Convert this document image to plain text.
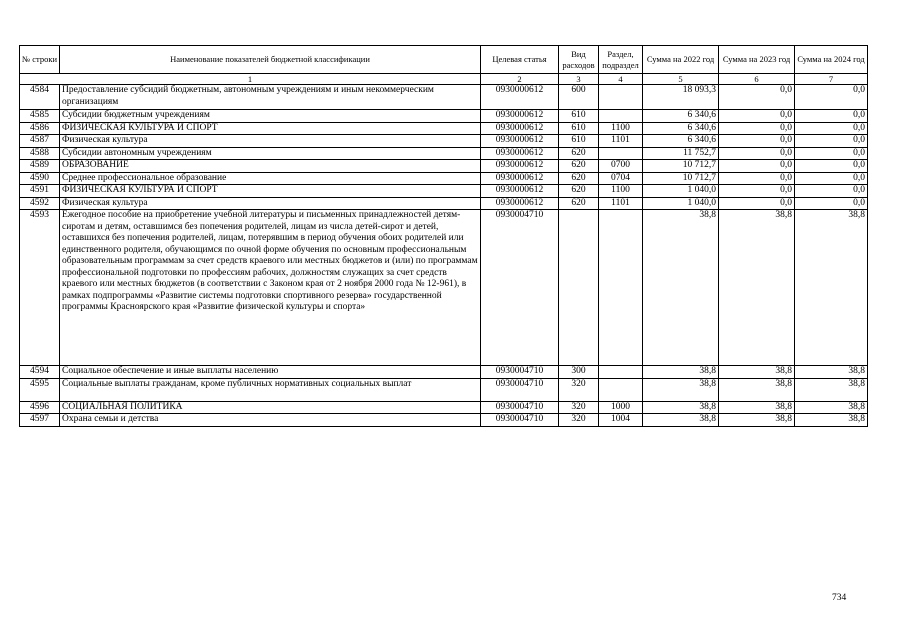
№ строки	Наименование показателей бюджетной классификации	Целевая статья	Вид расходов	Раздел, подраздел	Сумма на 2022 год	Сумма на 2023 год	Сумма на 2024 год
1		2	3	4	5	6	7
4584	Предоставление субсидий бюджетным, автономным учреждениям и иным некоммерческим организациям	0930000612	600		18 093,3	0,0	0,0
4585	Субсидии бюджетным учреждениям	0930000612	610		6 340,6	0,0	0,0
4586	ФИЗИЧЕСКАЯ КУЛЬТУРА И СПОРТ	0930000612	610	1100	6 340,6	0,0	0,0
4587	Физическая культура	0930000612	610	1101	6 340,6	0,0	0,0
4588	Субсидии автономным учреждениям	0930000612	620		11 752,7	0,0	0,0
4589	ОБРАЗОВАНИЕ	0930000612	620	0700	10 712,7	0,0	0,0
4590	Среднее профессиональное образование	0930000612	620	0704	10 712,7	0,0	0,0
4591	ФИЗИЧЕСКАЯ КУЛЬТУРА И СПОРТ	0930000612	620	1100	1 040,0	0,0	0,0
4592	Физическая культура	0930000612	620	1101	1 040,0	0,0	0,0
4593	Ежегодное пособие на приобретение учебной литературы и письменных принадлежностей детям-сиротам и детям, оставшимся без попечения родителей, лицам из числа детей-сирот и детей, оставшихся без попечения родителей, лицам, потерявшим в период обучения обоих родителей или единственного родителя, обучающимся по очной форме обучения по основным профессиональным образовательным программам за счет средств краевого или местных бюджетов и (или) по программам профессиональной подготовки по профессиям рабочих, должностям служащих за счет средств краевого или местных бюджетов (в соответствии с Законом края от 2 ноября 2000 года № 12-961), в рамках подпрограммы «Развитие системы подготовки спортивного резерва» государственной программы Красноярского края «Развитие физической культуры и спорта»	0930004710			38,8	38,8	38,8
4594	Социальное обеспечение и иные выплаты населению	0930004710	300		38,8	38,8	38,8
4595	Социальные выплаты гражданам, кроме публичных нормативных социальных выплат	0930004710	320		38,8	38,8	38,8
4596	СОЦИАЛЬНАЯ ПОЛИТИКА	0930004710	320	1000	38,8	38,8	38,8
4597	Охрана семьи и детства	0930004710	320	1004	38,8	38,8	38,8
734
